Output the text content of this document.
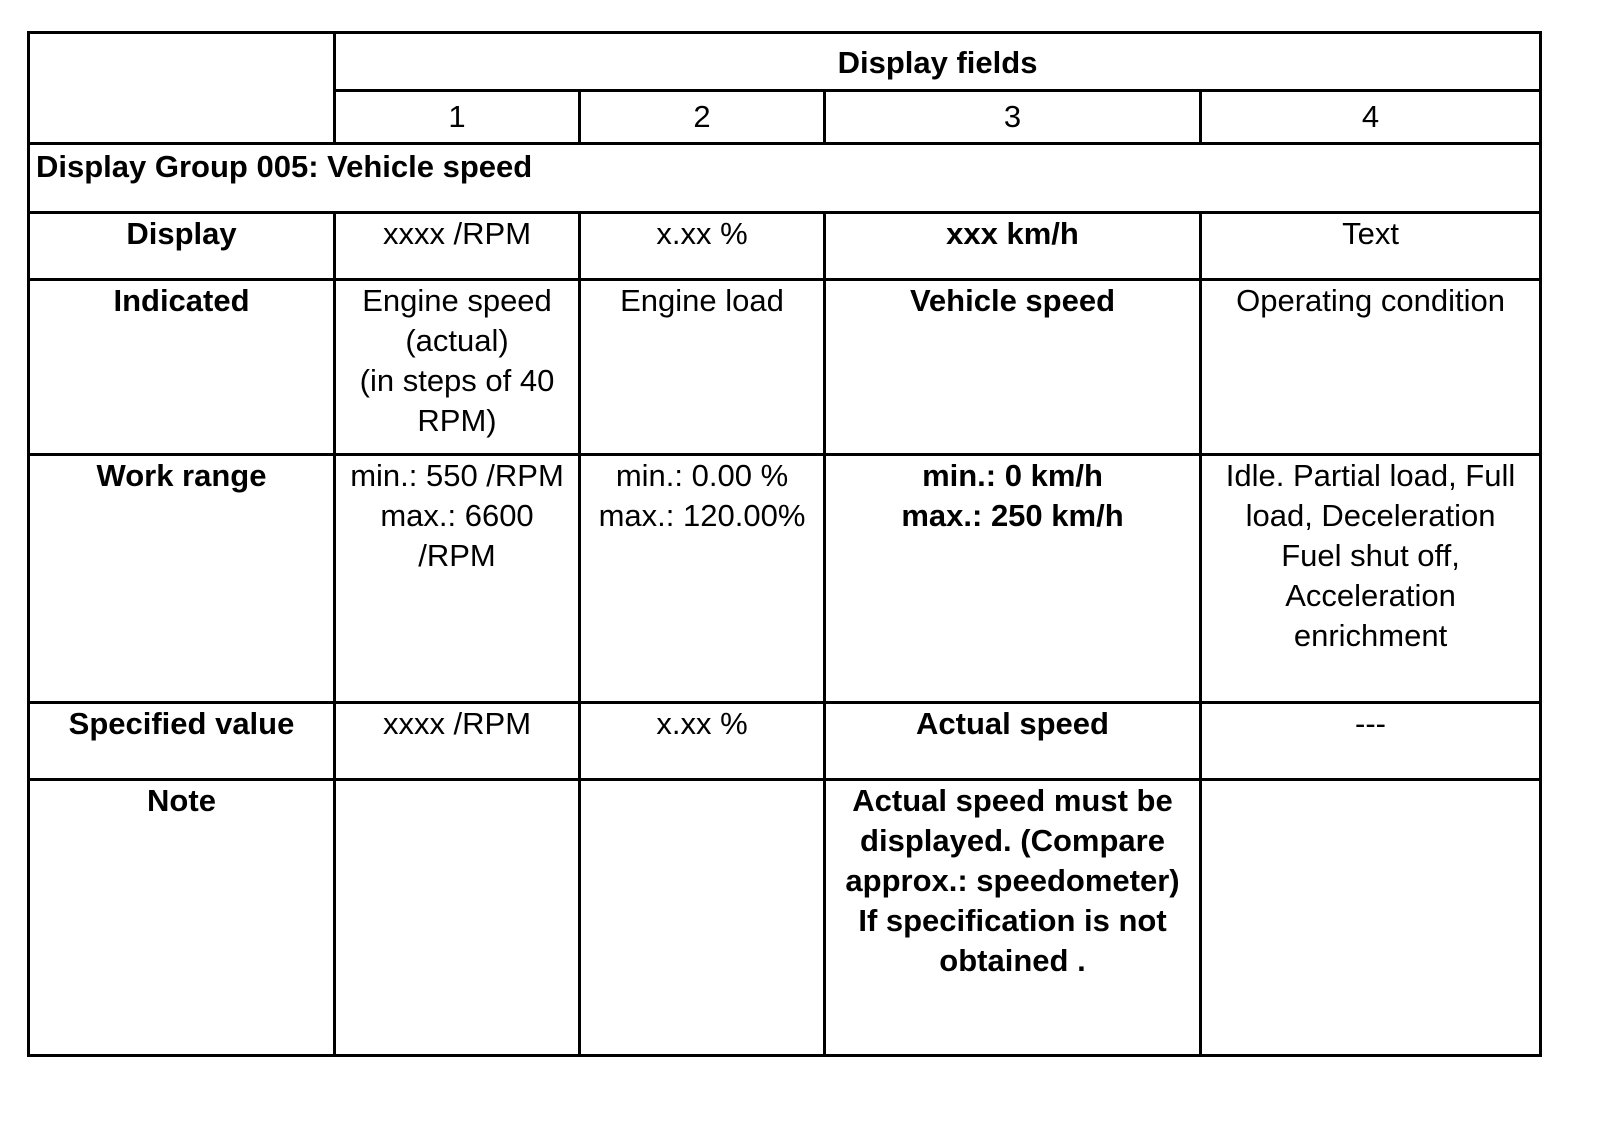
	Display fields			
	1	2	3	4
Display Group 005: Vehicle speed				
Display	xxxx /RPM	x.xx %	xxx km/h	Text
Indicated	Engine speed
(actual)
(in steps of 40
RPM)	Engine load	Vehicle speed	Operating condition

Work range	min.: 550 /RPM
max.: 6600
/RPM	min.: 0.00 %
max.: 120.00%	min.: 0 km/h
max.: 250 km/h	Idle. Partial load, Full
load, Deceleration
Fuel shut off,
Acceleration
enrichment

Specified value	xxxx /RPM	x.xx %	Actual speed	---
Note			Actual speed must be
displayed. (Compare
approx.: speedometer)
If specification is not
obtained .	
